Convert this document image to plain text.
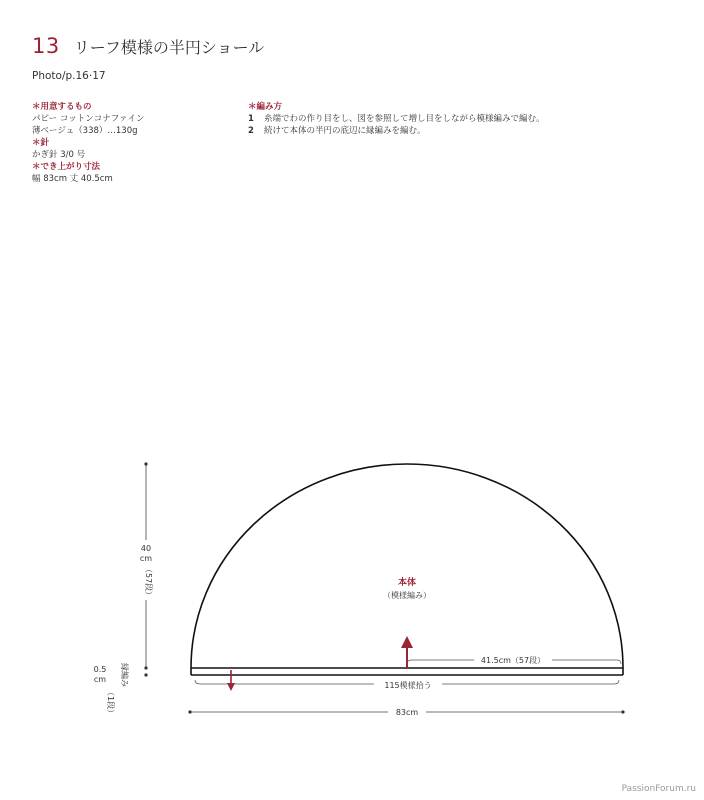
13 リーフ模様の半円ショール
Photo/p.16·17
＊用意するもの
パピー コットンコナファイン
薄ベージュ（338）…130g
＊針
かぎ針 3/0 号
＊でき上がり寸法
幅 83cm 丈 40.5cm
＊編み方
1	糸端でわの作り目をし、図を参照して増し目をしながら模様編みで編む。
2	続けて本体の半円の底辺に縁編みを編む。
40
cm
（57段）
0.5
cm 縁編み
（1段）
本体
（模様編み）
41.5cm（57段）
115模様拾う
83cm
PassionForum.ru
